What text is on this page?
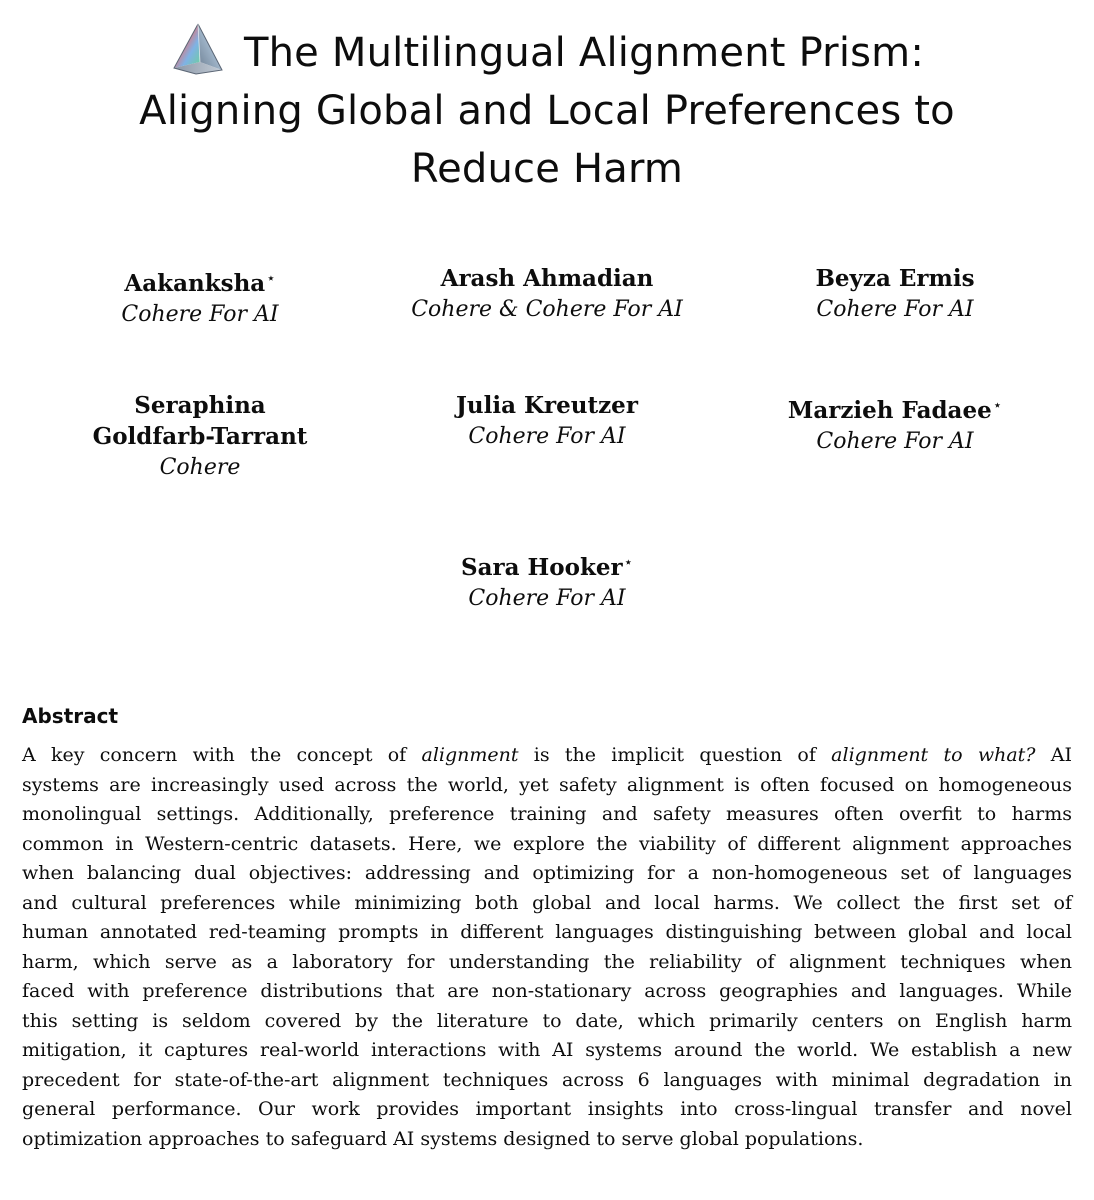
The Multilingual Alignment Prism:
Aligning Global and Local Preferences to
Reduce Harm
Aakanksha⋆
Cohere For AI
Arash Ahmadian
Cohere & Cohere For AI
Beyza Ermis
Cohere For AI
Seraphina
Goldfarb-Tarrant
Cohere
Julia Kreutzer
Cohere For AI
Marzieh Fadaee⋆
Cohere For AI
Sara Hooker⋆
Cohere For AI
Abstract
A key concern with the concept of alignment is the implicit question of alignment to what? AI
systems are increasingly used across the world, yet safety alignment is often focused on homogeneous
monolingual settings. Additionally, preference training and safety measures often overfit to harms
common in Western-centric datasets. Here, we explore the viability of different alignment approaches
when balancing dual objectives: addressing and optimizing for a non-homogeneous set of languages
and cultural preferences while minimizing both global and local harms. We collect the first set of
human annotated red-teaming prompts in different languages distinguishing between global and local
harm, which serve as a laboratory for understanding the reliability of alignment techniques when
faced with preference distributions that are non-stationary across geographies and languages. While
this setting is seldom covered by the literature to date, which primarily centers on English harm
mitigation, it captures real-world interactions with AI systems around the world. We establish a new
precedent for state-of-the-art alignment techniques across 6 languages with minimal degradation in
general performance. Our work provides important insights into cross-lingual transfer and novel
optimization approaches to safeguard AI systems designed to serve global populations.
